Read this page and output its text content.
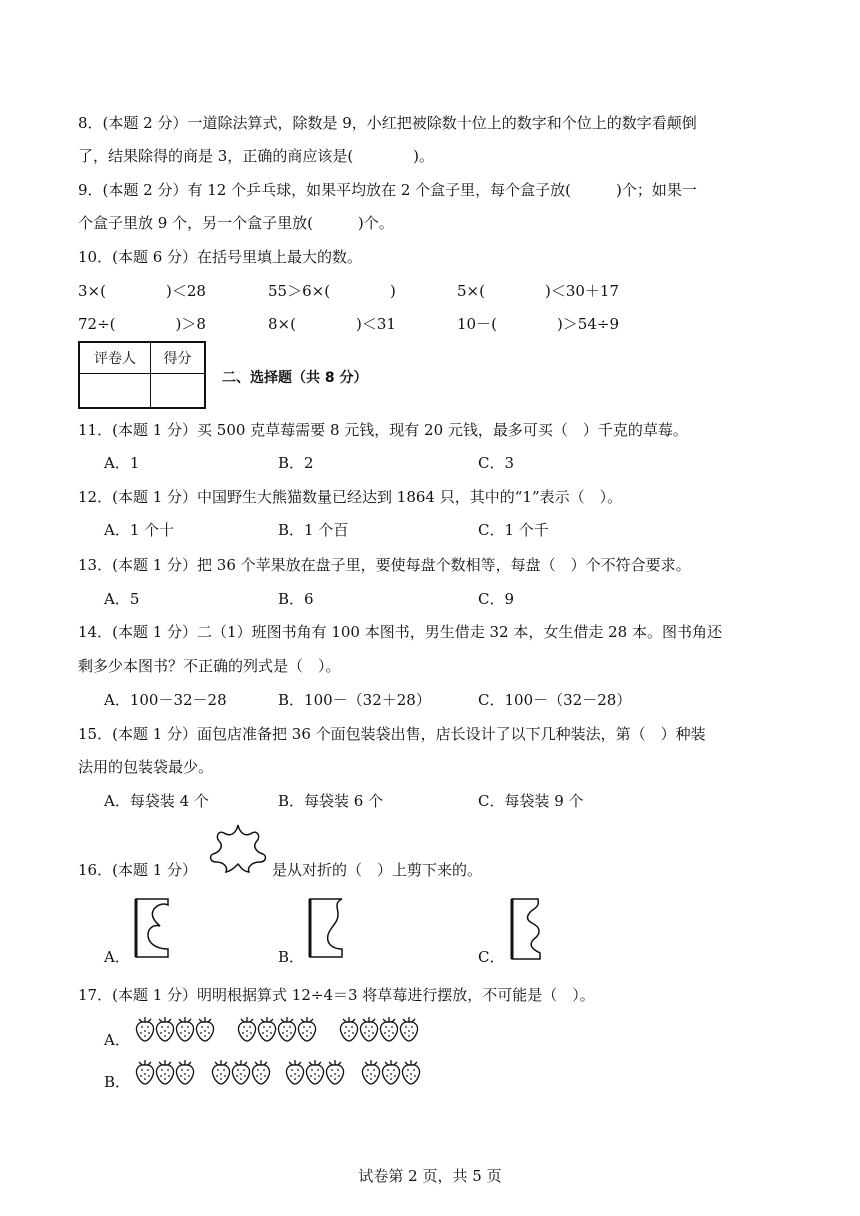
8．(本题 2 分）一道除法算式，除数是 9，小红把被除数十位上的数字和个位上的数字看颠倒
了，结果除得的商是 3，正确的商应该是(　　　　)。
9．(本题 2 分）有 12 个乒乓球，如果平均放在 2 个盒子里，每个盒子放(　　　)个；如果一
个盒子里放 9 个，另一个盒子里放(　　　)个。
10．(本题 6 分）在括号里填上最大的数。
3×(　　　　)＜28	55＞6×(　　　　)	5×(　　　　)＜30＋17
72÷(　　　　)＞8	8×(　　　　)＜31	10－(　　　　)＞54÷9
评卷人	得分
二、选择题（共 8 分）
11．(本题 1 分）买 500 克草莓需要 8 元钱，现有 20 元钱，最多可买（　）千克的草莓。
A．1	B．2	C．3
12．(本题 1 分）中国野生大熊猫数量已经达到 1864 只，其中的“1”表示（　）。
A．1 个十	B．1 个百	C．1 个千
13．(本题 1 分）把 36 个苹果放在盘子里，要使每盘个数相等，每盘（　）个不符合要求。
A．5	B．6	C．9
14．(本题 1 分）二（1）班图书角有 100 本图书，男生借走 32 本，女生借走 28 本。图书角还
剩多少本图书？不正确的列式是（　）。
A．100－32－28	B．100－（32＋28）	C．100－（32－28）
15．(本题 1 分）面包店准备把 36 个面包装袋出售，店长设计了以下几种装法，第（　）种装
法用的包装袋最少。
A．每袋装 4 个	B．每袋装 6 个	C．每袋装 9 个
16．(本题 1 分）	是从对折的（　）上剪下来的。
A．	B．	C．
17．(本题 1 分）明明根据算式 12÷4＝3 将草莓进行摆放，不可能是（　）。
A．
B．
试卷第 2 页，共 5 页
